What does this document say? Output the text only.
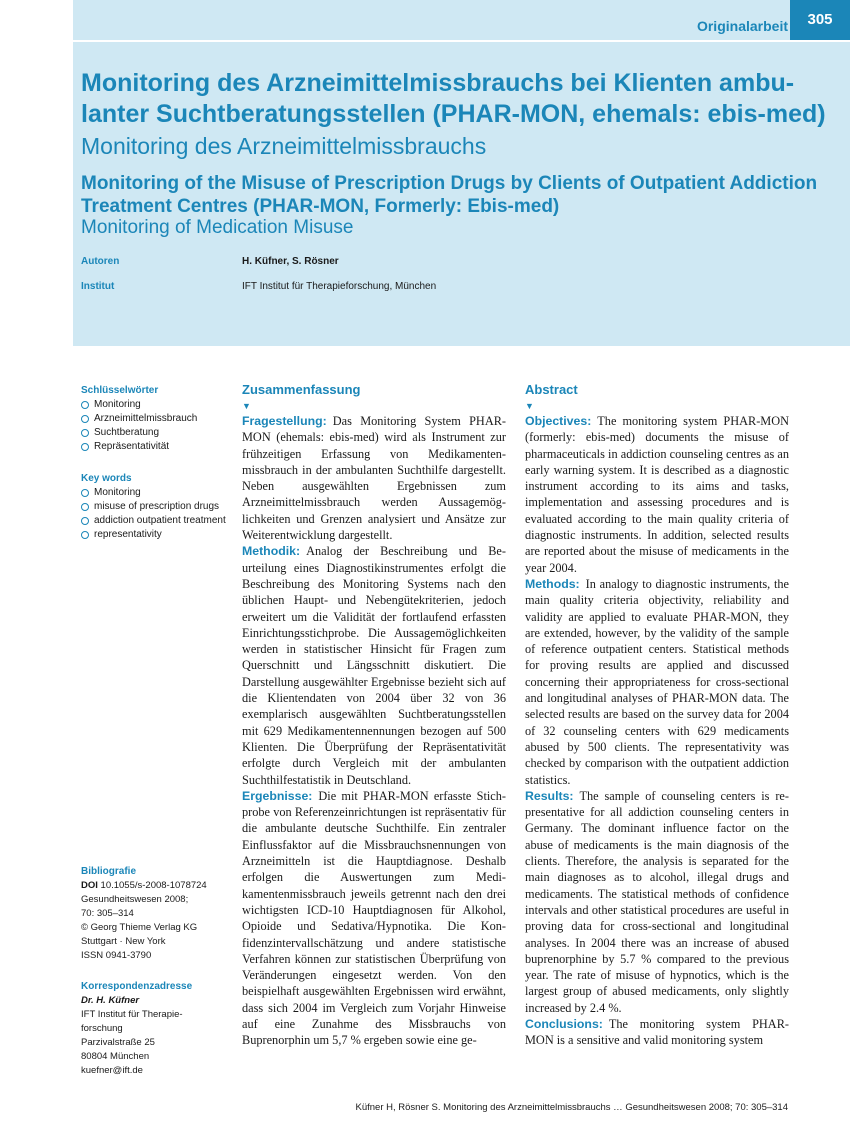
Originalarbeit	305
Monitoring des Arzneimittelmissbrauchs bei Klienten ambulanter Suchtberatungsstellen (PHAR-MON, ehemals: ebis-med)

Monitoring des Arzneimittelmissbrauchs

Monitoring of the Misuse of Prescription Drugs by Clients of Outpatient Addiction Treatment Centres (PHAR-MON, Formerly: Ebis-med)

Monitoring of Medication Misuse

Autoren	H. Küfner, S. Rösner
Institut	IFT Institut für Therapieforschung, München
Schlüsselwörter
Monitoring
Arzneimittelmissbrauch
Suchtberatung
Repräsentativität
Key words
Monitoring
misuse of prescription drugs
addiction outpatient treatment
representativity
Bibliografie
DOI 10.1055/s-2008-1078724
Gesundheitswesen 2008;
70: 305–314
© Georg Thieme Verlag KG
Stuttgart · New York
ISSN 0941-3790
Korrespondenzadresse
Dr. H. Küfner
IFT Institut für Therapie-
forschung
Parzivalstraße 25
80804 München
kuefner@ift.de
Zusammenfassung
▼

Fragestellung: Das Monitoring System PHAR-MON (ehemals: ebis-med) wird als Instrument zur frühzeitigen Erfassung von Medikamentenmissbrauch in der ambulanten Suchthilfe dargestellt. Neben ausgewählten Ergebnissen zum Arzneimittelmissbrauch werden Aussagemöglichkeiten und Grenzen analysiert und Ansätze zur Weiterentwicklung dargestellt.

Methodik: Analog der Beschreibung und Beurteilung eines Diagnostikinstrumentes erfolgt die Beschreibung des Monitoring Systems nach den üblichen Haupt- und Nebengütekriterien, jedoch erweitert um die Validität der fortlaufend erfassten Einrichtungsstichprobe. Die Aussagemöglichkeiten werden in statistischer Hinsicht für Fragen zum Querschnitt und Längsschnitt diskutiert. Die Darstellung ausgewählter Ergebnisse bezieht sich auf die Klientendaten von 2004 über 32 von 36 exemplarisch ausgewählten Suchtberatungsstellen mit 629 Medikamentennennungen bezogen auf 500 Klienten. Die Überprüfung der Repräsentativität erfolgte durch Vergleich mit der ambulanten Suchthilfestatistik in Deutschland.

Ergebnisse: Die mit PHAR-MON erfasste Stichprobe von Referenzeinrichtungen ist repräsentativ für die ambulante deutsche Suchthilfe. Ein zentraler Einflussfaktor auf die Missbrauchsnennungen von Arzneimitteln ist die Hauptdiagnose. Deshalb erfolgen die Auswertungen zum Medikamentenmissbrauch jeweils getrennt nach den drei wichtigsten ICD-10 Hauptdiagnosen für Alkohol, Opioide und Sedativa/Hypnotika. Die Konfidenzintervallschätzung und andere statistische Verfahren können zur statistischen Überprüfung von Veränderungen eingesetzt werden. Von den beispielhaft ausgewählten Ergebnissen wird erwähnt, dass sich 2004 im Vergleich zum Vorjahr Hinweise auf eine Zunahme des Missbrauchs von Buprenorphin um 5,7 % ergeben sowie eine ge-

Abstract
▼

Objectives: The monitoring system PHAR-MON (formerly: ebis-med) documents the misuse of pharmaceuticals in addiction counseling centres as an early warning system. It is described as a diagnostic instrument according to its aims and tasks, implementation and assessing procedures and is evaluated according to the main quality criteria of diagnostic instruments. In addition, selected results are reported about the misuse of medicaments in the year 2004.

Methods: In analogy to diagnostic instruments, the main quality criteria objectivity, reliability and validity are applied to evaluate PHAR-MON, they are extended, however, by the validity of the sample of reference outpatient centers. Statistical methods for proving results are applied and discussed concerning their appropriateness for cross-sectional and longitudinal analyses of PHAR-MON data. The selected results are based on the survey data for 2004 of 32 counseling centers with 629 medicaments abused by 500 clients. The representativity was checked by comparison with the outpatient addiction statistics.

Results: The sample of counseling centers is representative for all addiction counseling centers in Germany. The dominant influence factor on the abuse of medicaments is the main diagnosis of the clients. Therefore, the analysis is separated for the main diagnoses as to alcohol, illegal drugs and medicaments. The statistical methods of confidence intervals and other statistical procedures are useful in proving data for cross-sectional and longitudinal analyses. In 2004 there was an increase of abused buprenorphine by 5.7 % compared to the previous year. The rate of misuse of hypnotics, which is the largest group of abused medicaments, only slightly increased by 2.4 %.

Conclusions: The monitoring system PHAR-MON is a sensitive and valid monitoring system

Küfner H, Rösner S. Monitoring des Arzneimittelmissbrauchs … Gesundheitswesen 2008; 70: 305–314
